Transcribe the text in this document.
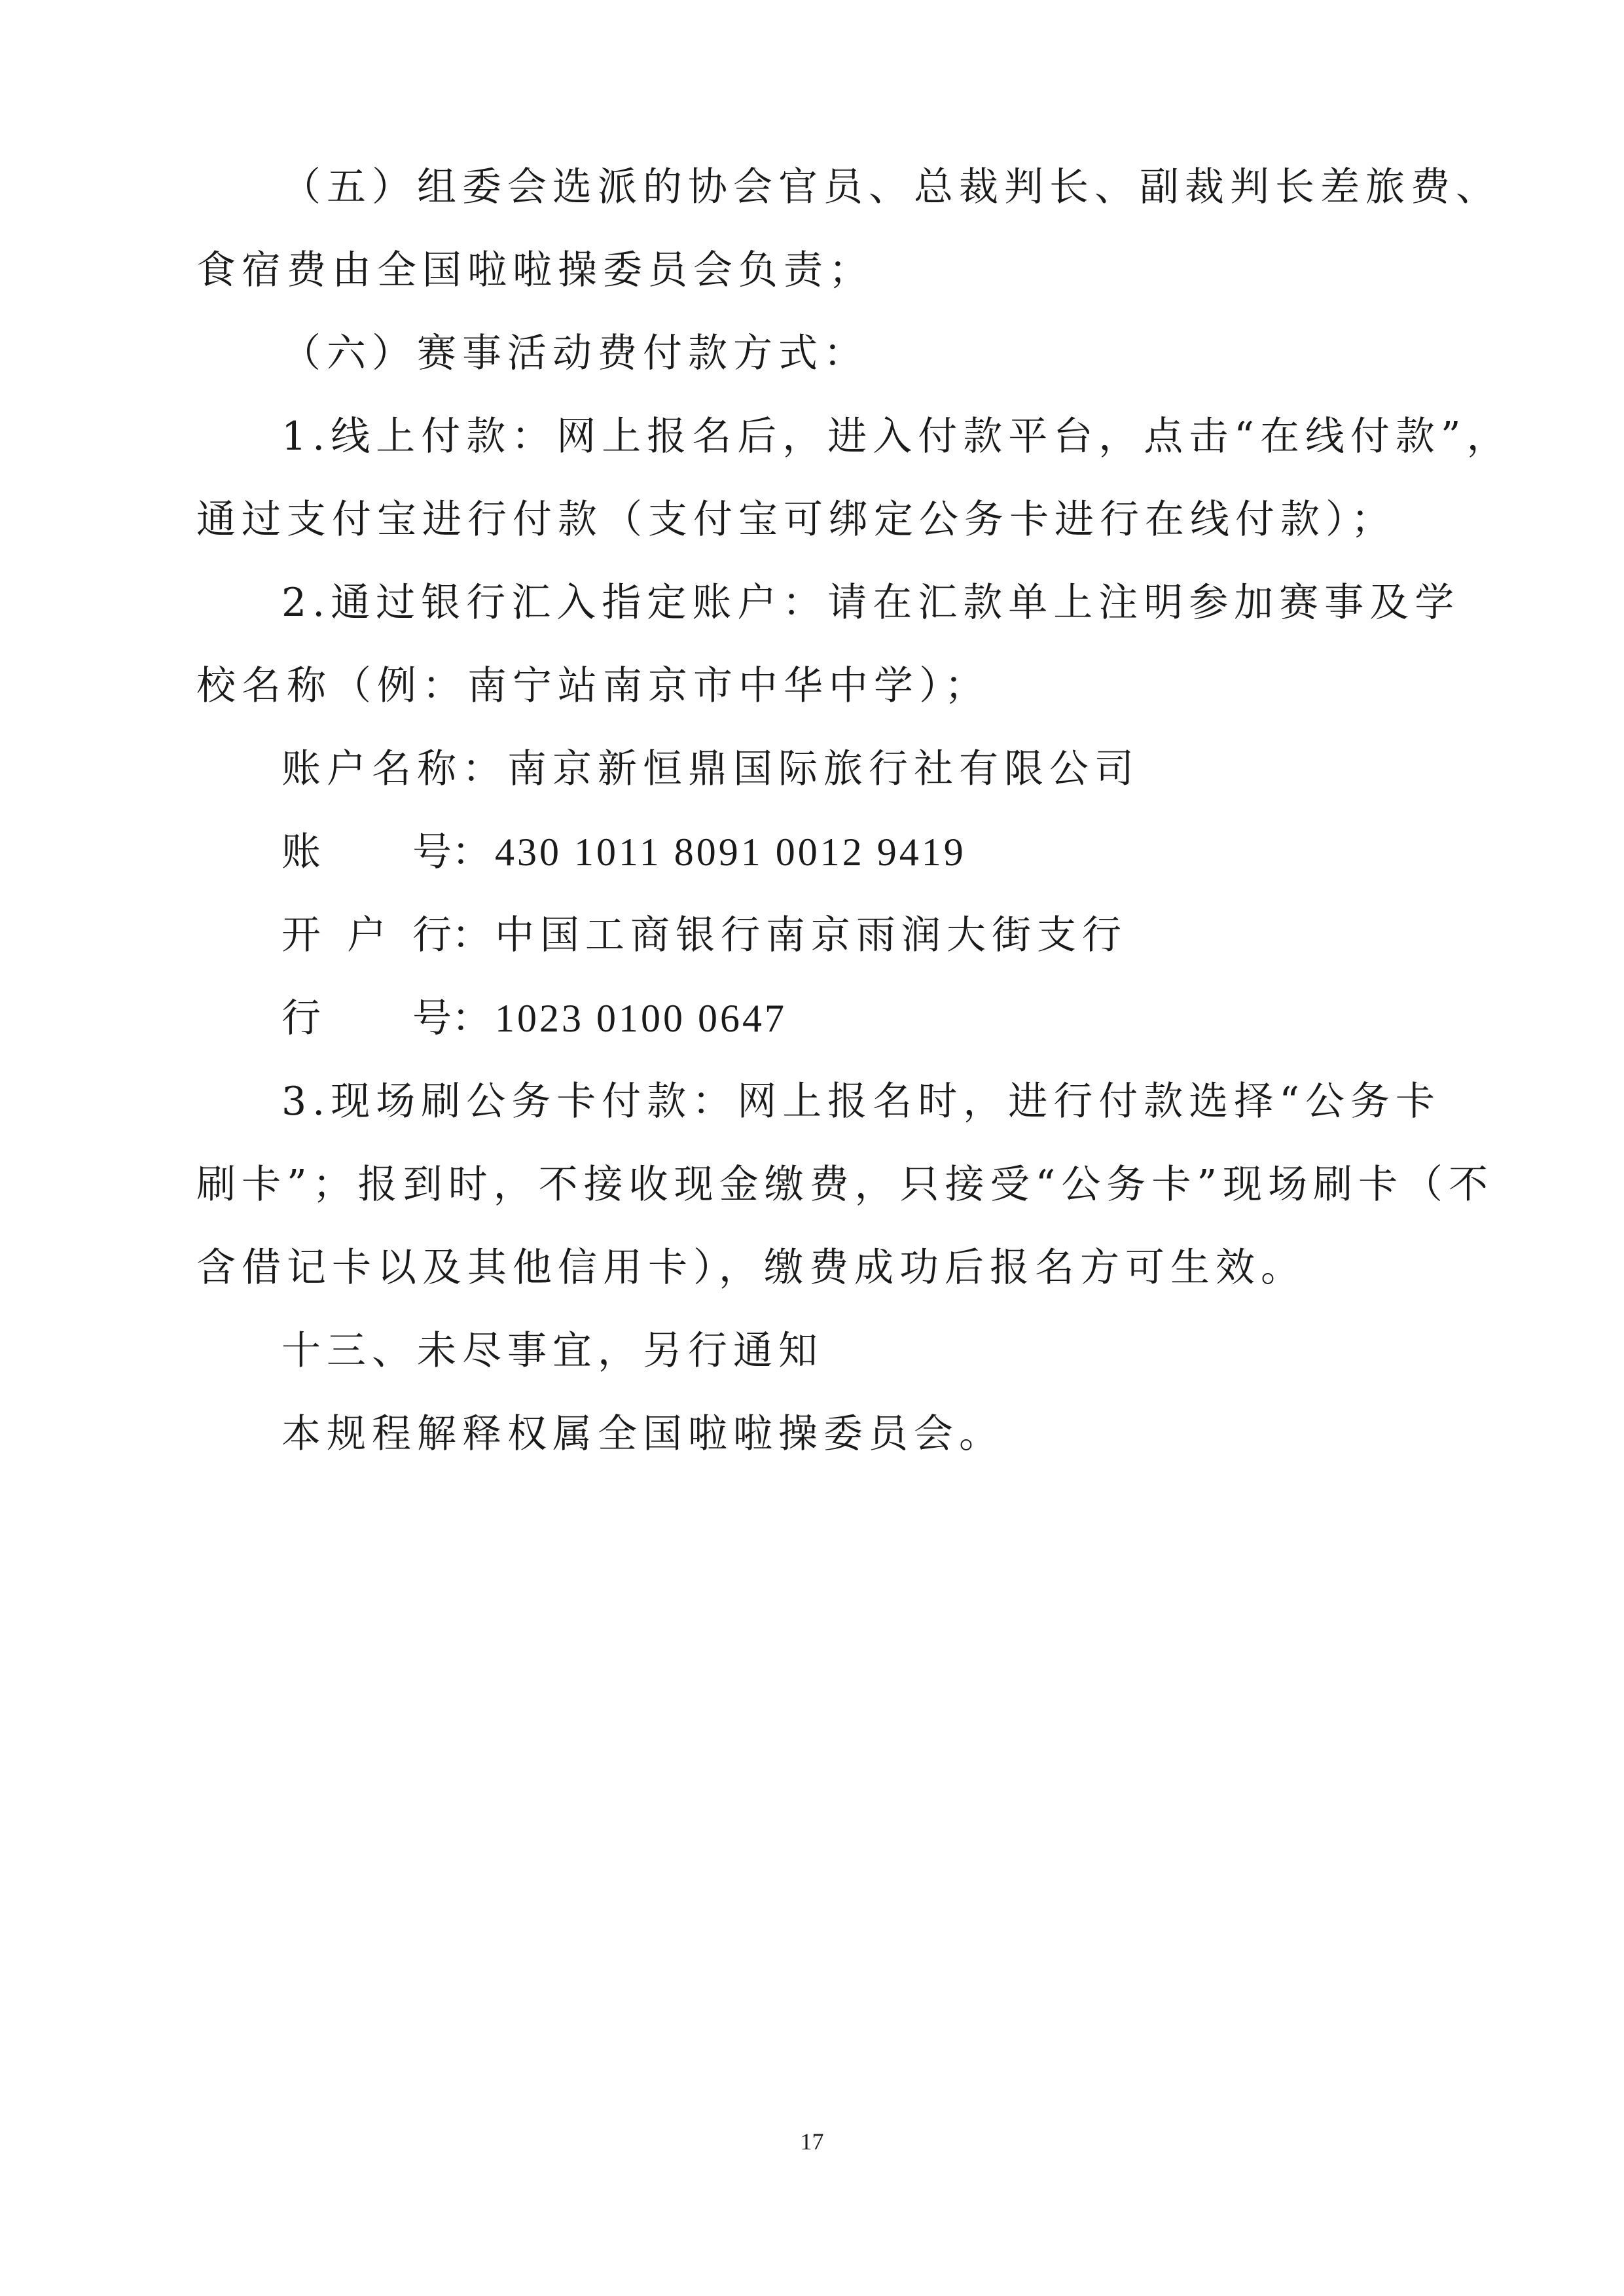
（五）组委会选派的协会官员、总裁判长、副裁判长差旅费、
食宿费由全国啦啦操委员会负责；
（六）赛事活动费付款方式：
1.线上付款：网上报名后，进入付款平台，点击“在线付款”，
通过支付宝进行付款（支付宝可绑定公务卡进行在线付款）；
2.通过银行汇入指定账户：请在汇款单上注明参加赛事及学
校名称（例：南宁站南京市中华中学）；
账户名称：南京新恒鼎国际旅行社有限公司
账	号： 430 1011 8091 0012 9419
开 户 行： 中国工商银行南京雨润大街支行
行	号： 1023 0100 0647
3.现场刷公务卡付款：网上报名时，进行付款选择“公务卡
刷卡”；报到时，不接收现金缴费，只接受“公务卡”现场刷卡（不
含借记卡以及其他信用卡），缴费成功后报名方可生效。
十三、未尽事宜，另行通知
本规程解释权属全国啦啦操委员会。
17
